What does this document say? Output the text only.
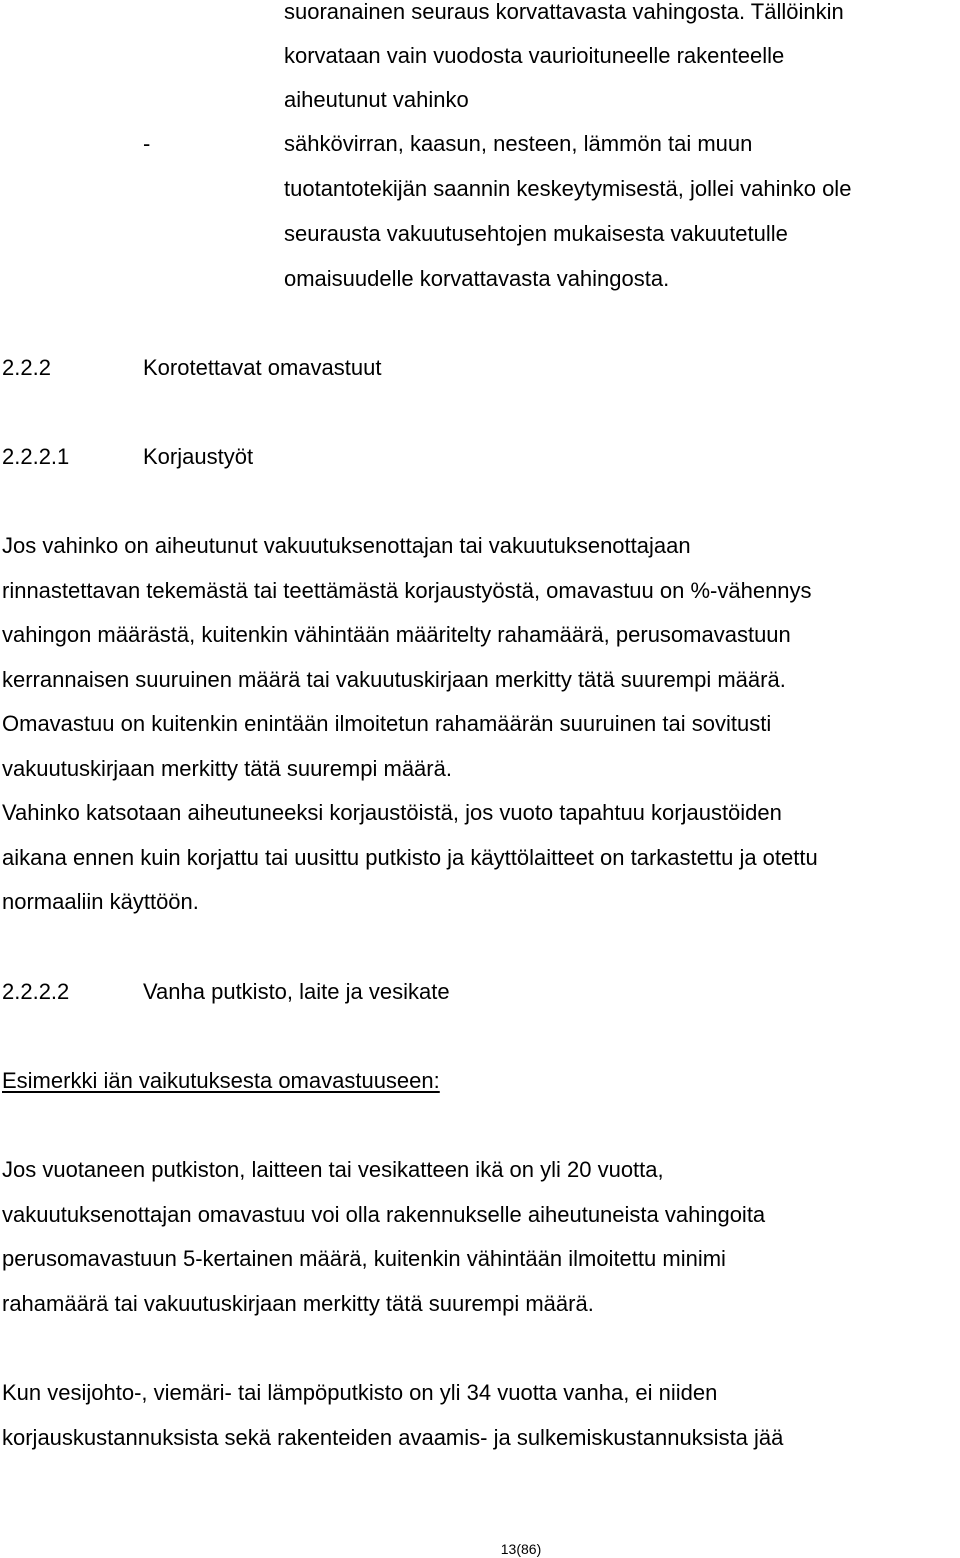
suoranainen seuraus korvattavasta vahingosta. Tällöinkin

korvataan vain vuodosta vaurioituneelle rakenteelle

aiheutunut vahinko

-	sähkövirran, kaasun, nesteen, lämmön tai muun

tuotantotekijän saannin keskeytymisestä, jollei vahinko ole

seurausta vakuutusehtojen mukaisesta vakuutetulle

omaisuudelle korvattavasta vahingosta.

2.2.2	Korotettavat omavastuut

2.2.2.1	Korjaustyöt

Jos vahinko on aiheutunut vakuutuksenottajan tai vakuutuksenottajaan

rinnastettavan tekemästä tai teettämästä korjaustyöstä, omavastuu on %-vähennys

vahingon määrästä, kuitenkin vähintään määritelty rahamäärä, perusomavastuun

kerrannaisen suuruinen määrä tai vakuutuskirjaan merkitty tätä suurempi määrä.

Omavastuu on kuitenkin enintään ilmoitetun rahamäärän suuruinen tai sovitusti

vakuutuskirjaan merkitty tätä suurempi määrä.

Vahinko katsotaan aiheutuneeksi korjaustöistä, jos vuoto tapahtuu korjaustöiden

aikana ennen kuin korjattu tai uusittu putkisto ja käyttölaitteet on tarkastettu ja otettu

normaaliin käyttöön.

2.2.2.2	Vanha putkisto, laite ja vesikate

Esimerkki iän vaikutuksesta omavastuuseen:

Jos vuotaneen putkiston, laitteen tai vesikatteen ikä on yli 20 vuotta,

vakuutuksenottajan omavastuu voi olla rakennukselle aiheutuneista vahingoita

perusomavastuun 5-kertainen määrä, kuitenkin vähintään ilmoitettu minimi

rahamäärä tai vakuutuskirjaan merkitty tätä suurempi määrä.

Kun vesijohto-, viemäri- tai lämpöputkisto on yli 34 vuotta vanha, ei niiden

korjauskustannuksista sekä rakenteiden avaamis- ja sulkemiskustannuksista jää

13(86)
